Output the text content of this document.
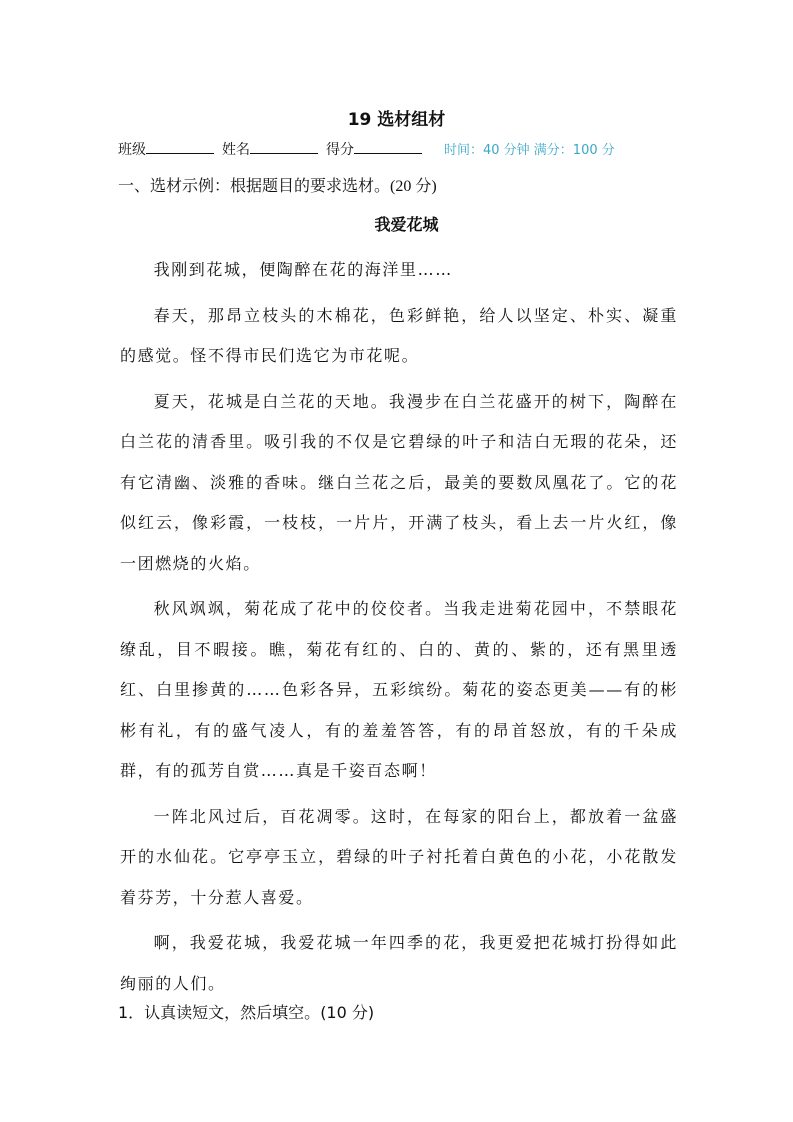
19 选材组材
班级	姓名	得分	时间：40 分钟 满分：100 分
一、选材示例：根据题目的要求选材。(20 分)
我爱花城

我刚到花城，便陶醉在花的海洋里……

春天，那昂立枝头的木棉花，色彩鲜艳，给人以坚定、朴实、凝重的感觉。怪不得市民们选它为市花呢。

夏天，花城是白兰花的天地。我漫步在白兰花盛开的树下，陶醉在白兰花的清香里。吸引我的不仅是它碧绿的叶子和洁白无瑕的花朵，还有它清幽、淡雅的香味。继白兰花之后，最美的要数凤凰花了。它的花似红云，像彩霞，一枝枝，一片片，开满了枝头，看上去一片火红，像一团燃烧的火焰。

秋风飒飒，菊花成了花中的佼佼者。当我走进菊花园中，不禁眼花缭乱，目不暇接。瞧，菊花有红的、白的、黄的、紫的，还有黑里透红、白里掺黄的……色彩各异，五彩缤纷。菊花的姿态更美——有的彬彬有礼，有的盛气凌人，有的羞羞答答，有的昂首怒放，有的千朵成群，有的孤芳自赏……真是千姿百态啊！

一阵北风过后，百花凋零。这时，在每家的阳台上，都放着一盆盛开的水仙花。它亭亭玉立，碧绿的叶子衬托着白黄色的小花，小花散发着芬芳，十分惹人喜爱。

啊，我爱花城，我爱花城一年四季的花，我更爱把花城打扮得如此绚丽的人们。

1．认真读短文，然后填空。(10 分)
